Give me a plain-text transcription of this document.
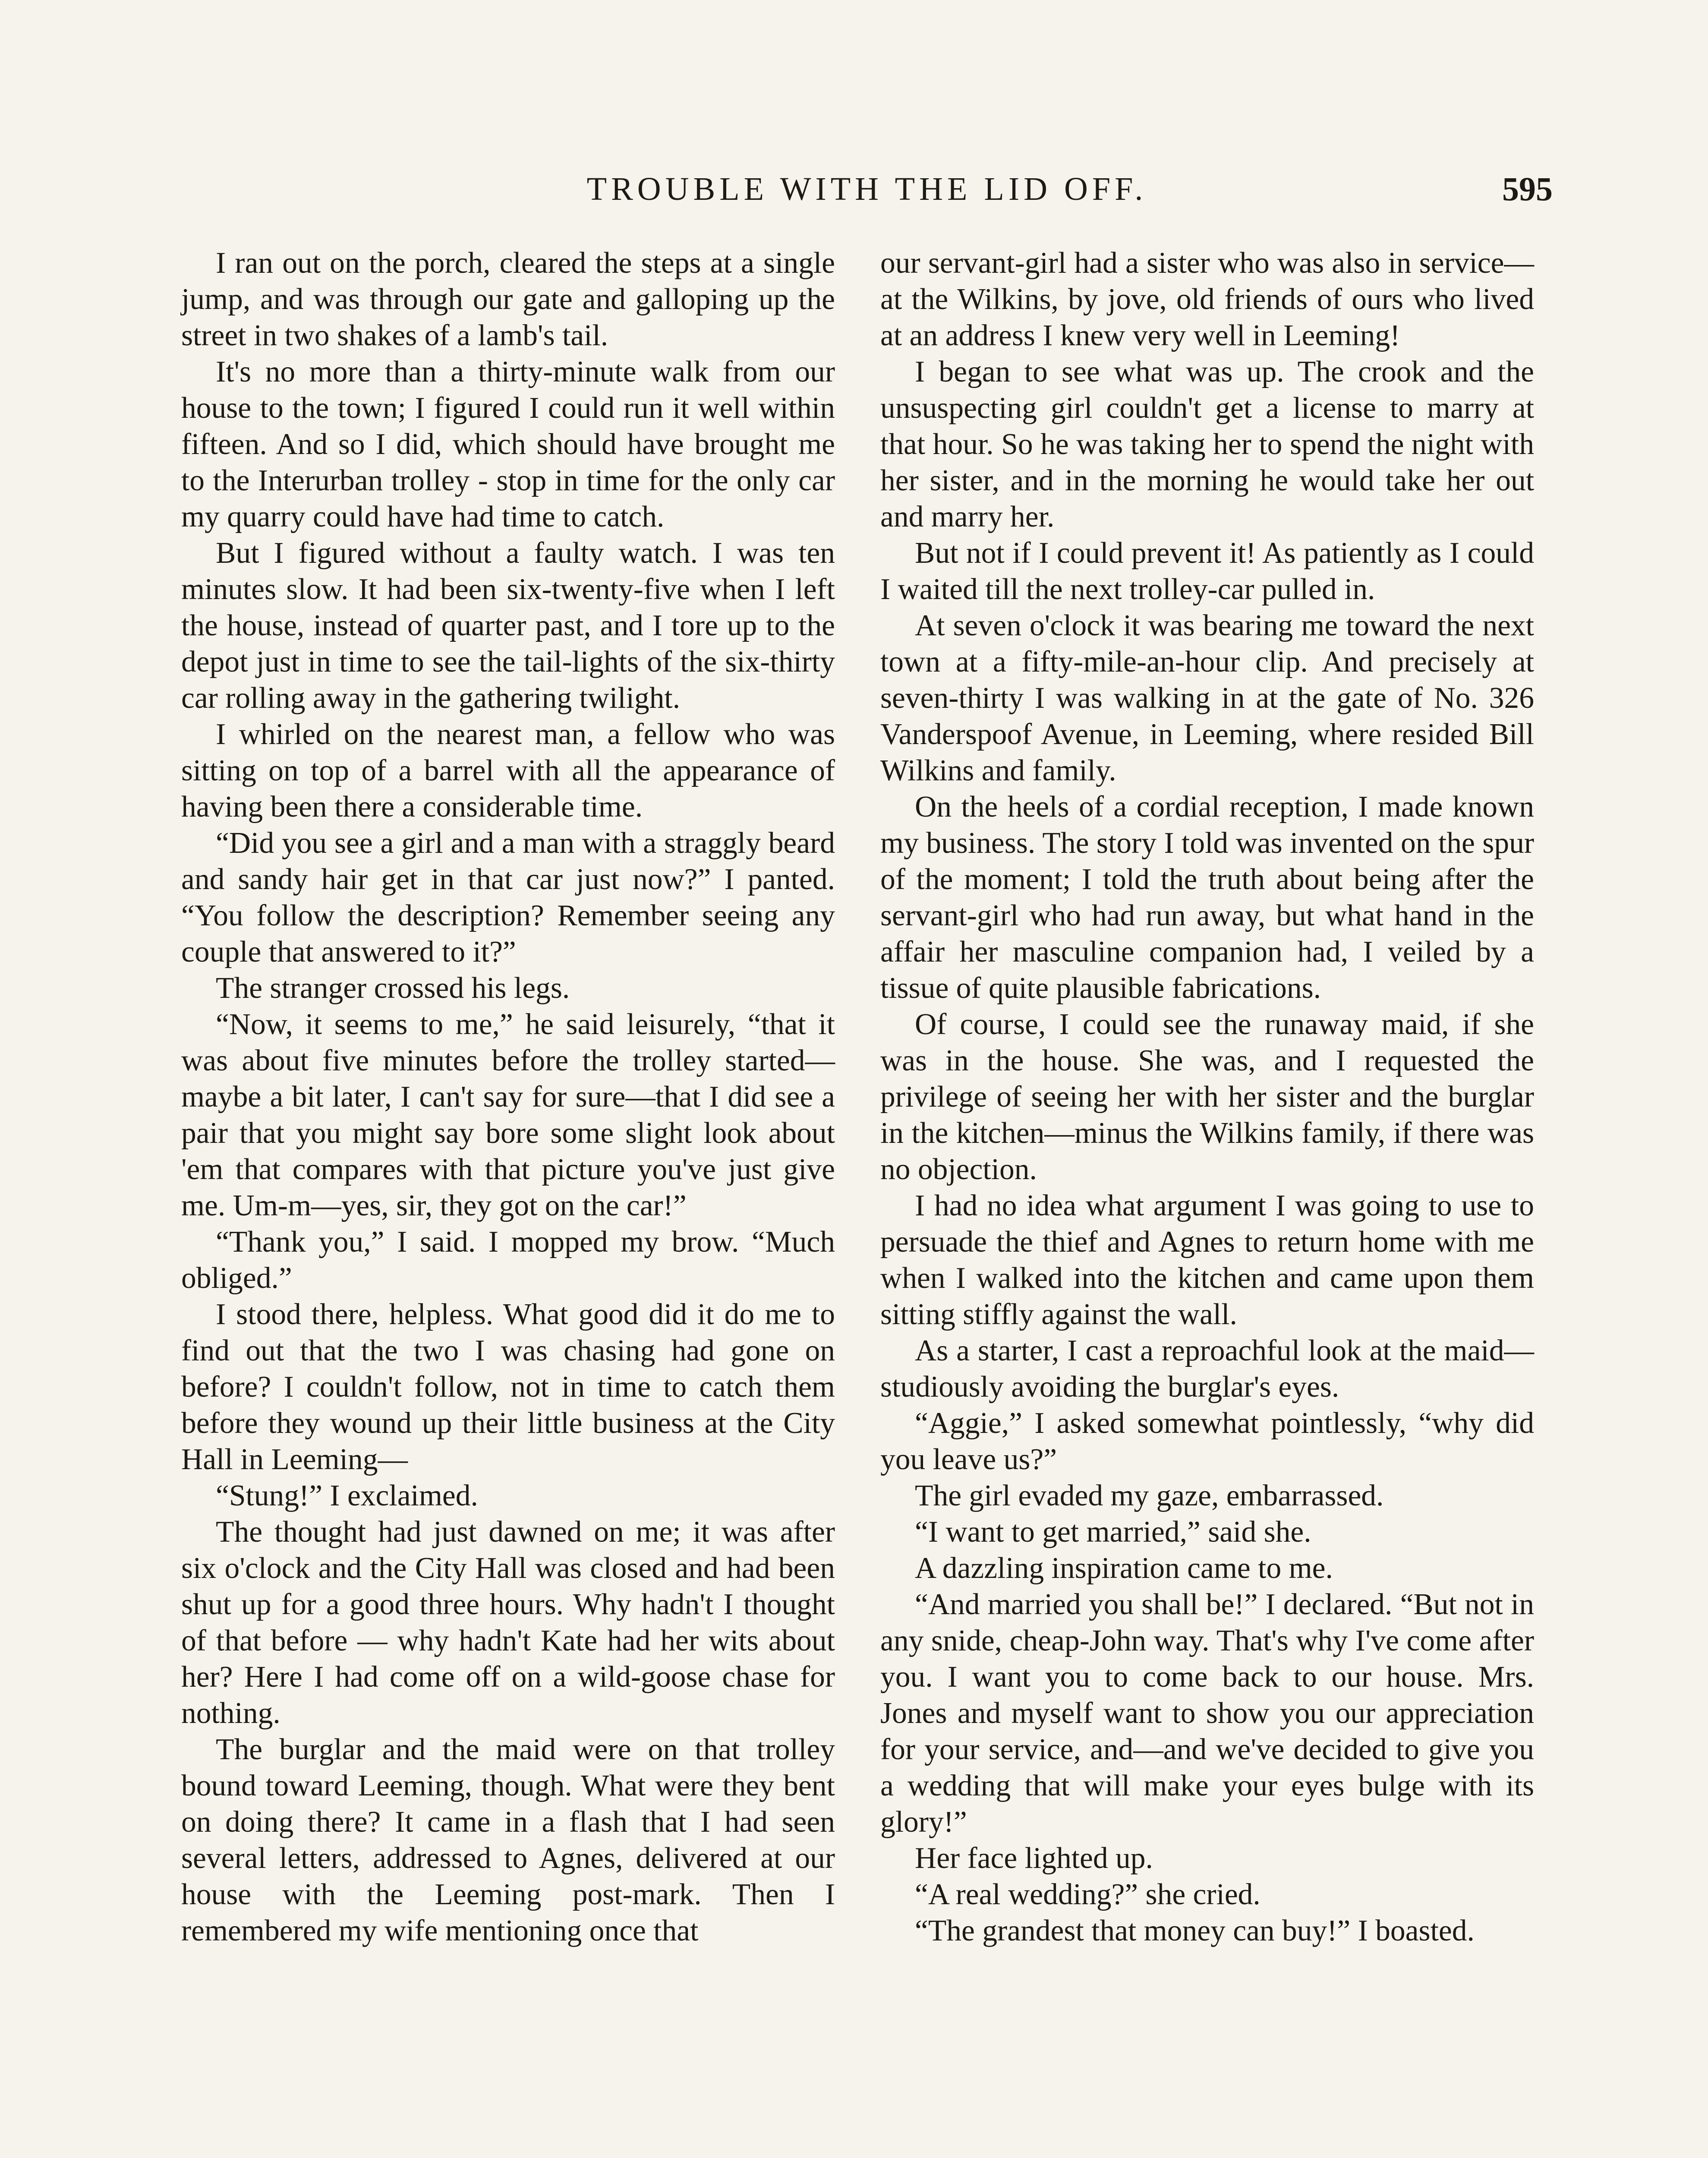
TROUBLE WITH THE LID OFF.	595

I ran out on the porch, cleared the steps at a single jump, and was through our gate and galloping up the street in two shakes of a lamb's tail.

It's no more than a thirty-minute walk from our house to the town; I figured I could run it well within fifteen. And so I did, which should have brought me to the Interurban trolley - stop in time for the only car my quarry could have had time to catch.

But I figured without a faulty watch. I was ten minutes slow. It had been six-twenty-five when I left the house, instead of quarter past, and I tore up to the depot just in time to see the tail-lights of the six-thirty car rolling away in the gathering twilight.

I whirled on the nearest man, a fellow who was sitting on top of a barrel with all the appearance of having been there a considerable time.

“Did you see a girl and a man with a straggly beard and sandy hair get in that car just now?” I panted. “You follow the description? Remember seeing any couple that answered to it?”

The stranger crossed his legs.

“Now, it seems to me,” he said leisurely, “that it was about five minutes before the trolley started—maybe a bit later, I can't say for sure—that I did see a pair that you might say bore some slight look about 'em that compares with that picture you've just give me. Um-m—yes, sir, they got on the car!”

“Thank you,” I said. I mopped my brow. “Much obliged.”

I stood there, helpless. What good did it do me to find out that the two I was chasing had gone on before? I couldn't follow, not in time to catch them before they wound up their little business at the City Hall in Leeming—

“Stung!” I exclaimed.

The thought had just dawned on me; it was after six o'clock and the City Hall was closed and had been shut up for a good three hours. Why hadn't I thought of that before — why hadn't Kate had her wits about her? Here I had come off on a wild-goose chase for nothing.

The burglar and the maid were on that trolley bound toward Leeming, though. What were they bent on doing there? It came in a flash that I had seen several letters, addressed to Agnes, delivered at our house with the Leeming post-mark. Then I remembered my wife mentioning once that

our servant-girl had a sister who was also in service—at the Wilkins, by jove, old friends of ours who lived at an address I knew very well in Leeming!

I began to see what was up. The crook and the unsuspecting girl couldn't get a license to marry at that hour. So he was taking her to spend the night with her sister, and in the morning he would take her out and marry her.

But not if I could prevent it! As patiently as I could I waited till the next trolley-car pulled in.

At seven o'clock it was bearing me toward the next town at a fifty-mile-an-hour clip. And precisely at seven-thirty I was walking in at the gate of No. 326 Vanderspoof Avenue, in Leeming, where resided Bill Wilkins and family.

On the heels of a cordial reception, I made known my business. The story I told was invented on the spur of the moment; I told the truth about being after the servant-girl who had run away, but what hand in the affair her masculine companion had, I veiled by a tissue of quite plausible fabrications.

Of course, I could see the runaway maid, if she was in the house. She was, and I requested the privilege of seeing her with her sister and the burglar in the kitchen—minus the Wilkins family, if there was no objection.

I had no idea what argument I was going to use to persuade the thief and Agnes to return home with me when I walked into the kitchen and came upon them sitting stiffly against the wall.

As a starter, I cast a reproachful look at the maid—studiously avoiding the burglar's eyes.

“Aggie,” I asked somewhat pointlessly, “why did you leave us?”

The girl evaded my gaze, embarrassed.

“I want to get married,” said she.

A dazzling inspiration came to me.

“And married you shall be!” I declared. “But not in any snide, cheap-John way. That's why I've come after you. I want you to come back to our house. Mrs. Jones and myself want to show you our appreciation for your service, and—and we've decided to give you a wedding that will make your eyes bulge with its glory!”

Her face lighted up.

“A real wedding?” she cried.

“The grandest that money can buy!” I boasted.
